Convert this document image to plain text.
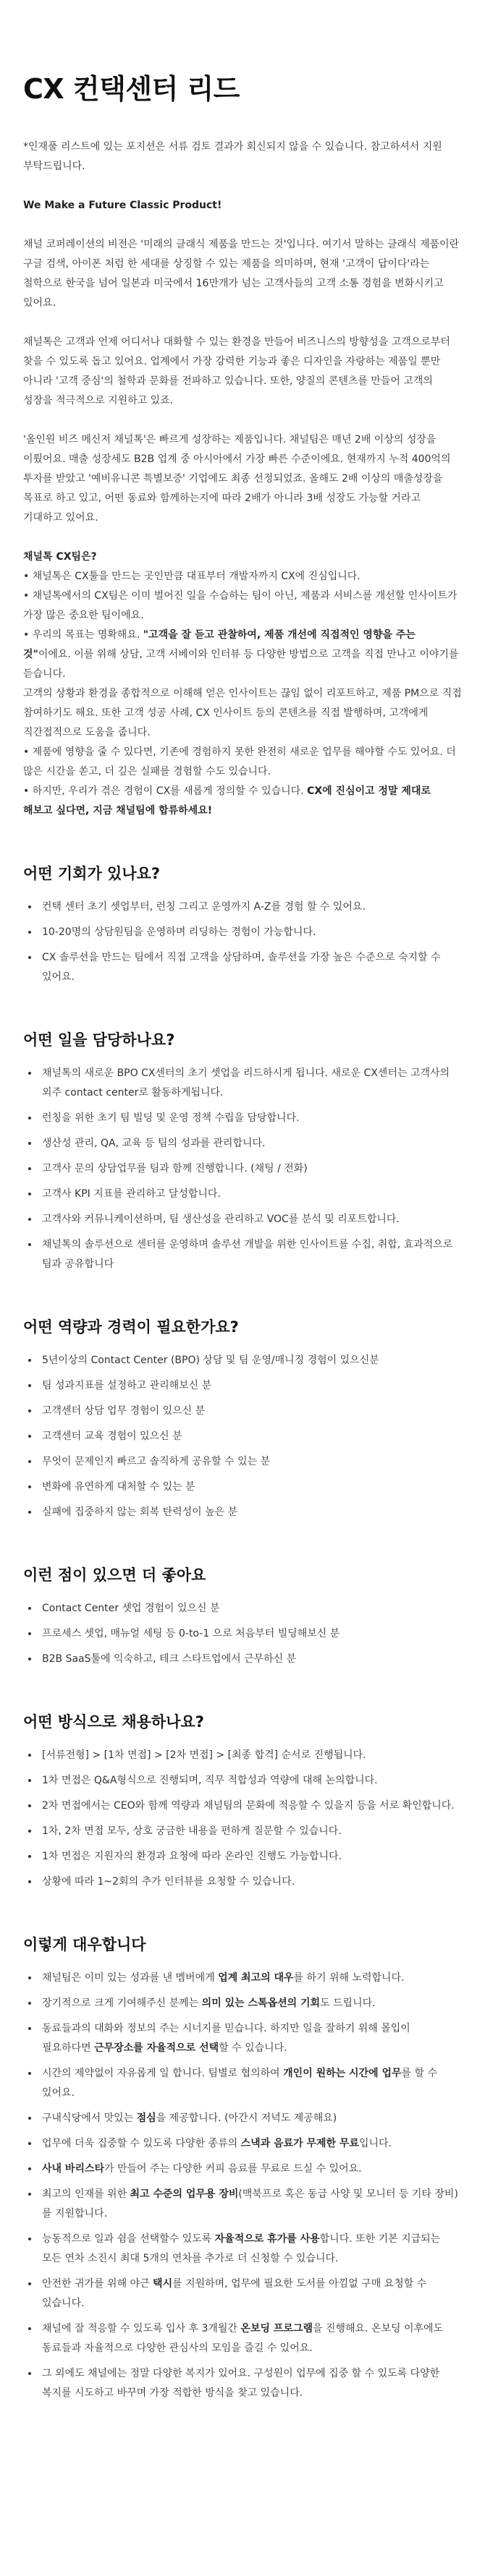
CX 컨택센터 리드

*인재풀 리스트에 있는 포지션은 서류 검토 결과가 회신되지 않을 수 있습니다. 참고하셔서 지원 부탁드립니다.

We Make a Future Classic Product!

채널 코퍼레이션의 비전은 '미래의 클래식 제품을 만드는 것'입니다. 여기서 말하는 클래식 제품이란 구글 검색, 아이폰 처럼 한 세대를 상징할 수 있는 제품을 의미하며, 현재 '고객이 답이다'라는 철학으로 한국을 넘어 일본과 미국에서 16만개가 넘는 고객사들의 고객 소통 경험을 변화시키고 있어요.

채널톡은 고객과 언제 어디서나 대화할 수 있는 환경을 만들어 비즈니스의 방향성을 고객으로부터 찾을 수 있도록 돕고 있어요. 업계에서 가장 강력한 기능과 좋은 디자인을 자랑하는 제품일 뿐만 아니라 '고객 중심'의 철학과 문화를 전파하고 있습니다. 또한, 양질의 콘텐츠를 만들어 고객의 성장을 적극적으로 지원하고 있죠.

'올인원 비즈 메신저 채널톡'은 빠르게 성장하는 제품입니다. 채널팀은 매년 2배 이상의 성장을 이뤘어요. 매출 성장세도 B2B 업계 중 아시아에서 가장 빠른 수준이에요. 현재까지 누적 400억의 투자를 받았고 '예비유니콘 특별보증' 기업에도 최종 선정되었죠. 올해도 2배 이상의 매출성장을 목표로 하고 있고, 어떤 동료와 함께하는지에 따라 2배가 아니라 3배 성장도 가능할 거라고 기대하고 있어요.

채널톡 CX팀은?

• 채널톡은 CX툴을 만드는 곳인만큼 대표부터 개발자까지 CX에 진심입니다.

• 채널톡에서의 CX팀은 이미 벌어진 일을 수습하는 팀이 아닌, 제품과 서비스를 개선할 인사이트가 가장 많은 중요한 팀이에요.

• 우리의 목표는 명확해요. "고객을 잘 듣고 관찰하여, 제품 개선에 직접적인 영향을 주는 것"이에요. 이를 위해 상담, 고객 서베이와 인터뷰 등 다양한 방법으로 고객을 직접 만나고 이야기를 듣습니다.

고객의 상황과 환경을 종합적으로 이해해 얻은 인사이트는 끊임 없이 리포트하고, 제품 PM으로 직접 참여하기도 해요. 또한 고객 성공 사례, CX 인사이트 등의 콘텐츠를 직접 발행하며, 고객에게 직간접적으로 도움을 줍니다.

• 제품에 영향을 줄 수 있다면, 기존에 경험하지 못한 완전히 새로운 업무를 해야할 수도 있어요. 더 많은 시간을 쏟고, 더 깊은 실패를 경험할 수도 있습니다.

• 하지만, 우리가 겪은 경험이 CX를 새롭게 정의할 수 있습니다. CX에 진심이고 정말 제대로 해보고 싶다면, 지금 채널팀에 합류하세요!

어떤 기회가 있나요?
• 컨택 센터 초기 셋업부터, 런칭 그리고 운영까지 A-Z를 경험 할 수 있어요.
• 10-20명의 상담원팀을 운영하며 리딩하는 경험이 가능합니다.
• CX 솔루션을 만드는 팀에서 직접 고객을 상담하며, 솔루션을 가장 높은 수준으로 숙지할 수 있어요.
어떤 일을 담당하나요?
• 채널톡의 새로운 BPO CX센터의 초기 셋업을 리드하시게 됩니다. 새로운 CX센터는 고객사의 외주 contact center로 활동하게됩니다.
• 런칭을 위한 초기 팀 빌딩 및 운영 정책 수립을 담당합니다.
• 생산성 관리, QA, 교육 등 팀의 성과를 관리합니다.
• 고객사 문의 상담업무를 팀과 함께 진행합니다. (채팅 / 전화)
• 고객사 KPI 지표를 관리하고 달성합니다.
• 고객사와 커뮤니케이션하며, 팀 생산성을 관리하고 VOC를 분석 및 리포트합니다.
• 채널톡의 솔루션으로 센터를 운영하며 솔루션 개발을 위한 인사이트를 수집, 취합, 효과적으로 팀과 공유합니다
어떤 역량과 경력이 필요한가요?
• 5년이상의 Contact Center (BPO) 상담 및 팀 운영/매니징 경험이 있으신분
• 팀 성과지표를 설정하고 관리해보신 분
• 고객센터 상담 업무 경험이 있으신 분
• 고객센터 교육 경험이 있으신 분
• 무엇이 문제인지 빠르고 솔직하게 공유할 수 있는 분
• 변화에 유연하게 대처할 수 있는 분
• 실패에 집중하지 않는 회복 탄력성이 높은 분
이런 점이 있으면 더 좋아요
• Contact Center 셋업 경험이 있으신 분
• 프로세스 셋업, 매뉴얼 세팅 등 0-to-1 으로 처음부터 빌딩해보신 분
• B2B SaaS툴에 익숙하고, 테크 스타트업에서 근무하신 분
어떤 방식으로 채용하나요?
• [서류전형] > [1차 면접] > [2차 면접] > [최종 합격] 순서로 진행됩니다.
• 1차 면접은 Q&A형식으로 진행되며, 직무 적합성과 역량에 대해 논의합니다.
• 2차 면접에서는 CEO와 함께 역량과 채널팀의 문화에 적응할 수 있을지 등을 서로 확인합니다.
• 1차, 2차 면접 모두, 상호 궁금한 내용을 편하게 질문할 수 있습니다.
• 1차 면접은 지원자의 환경과 요청에 따라 온라인 진행도 가능합니다.
• 상황에 따라 1~2회의 추가 인터뷰를 요청할 수 있습니다.
이렇게 대우합니다
• 채널팀은 이미 있는 성과를 낸 멤버에게 업계 최고의 대우를 하기 위해 노력합니다.
• 장기적으로 크게 기여해주신 분께는 의미 있는 스톡옵션의 기회도 드립니다.
• 동료들과의 대화와 정보의 주는 시너지를 믿습니다. 하지만 일을 잘하기 위해 몰입이 필요하다면 근무장소를 자율적으로 선택할 수 있습니다.
• 시간의 제약없이 자유롭게 일 합니다. 팀별로 협의하여 개인이 원하는 시간에 업무를 할 수 있어요.
• 구내식당에서 맛있는 점심을 제공합니다. (아간시 저녁도 제공해요)
• 업무에 더욱 집중할 수 있도록 다양한 종류의 스낵과 음료가 무제한 무료입니다.
• 사내 바리스타가 만들어 주는 다양한 커피 음료를 무료로 드실 수 있어요.
• 최고의 인재를 위한 최고 수준의 업무용 장비(맥북프로 혹은 동급 사양 및 모니터 등 기타 장비)를 지원합니다.
• 능동적으로 일과 쉼을 선택할수 있도록 자율적으로 휴가를 사용합니다. 또한 기본 지급되는 모든 연차 소진시 최대 5개의 연차를 추가로 더 신청할 수 있습니다.
• 안전한 귀가를 위해 야근 택시를 지원하며, 업무에 필요한 도서를 아낌없 구매 요청할 수 있습니다.
• 채널에 잘 적응할 수 있도록 입사 후 3개월간 온보딩 프로그램을 진행해요. 온보딩 이후에도 동료들과 자율적으로 다양한 관심사의 모임을 즐길 수 있어요.
• 그 외에도 채널에는 정말 다양한 복지가 있어요. 구성원이 업무에 집중 할 수 있도록 다양한 복지를 시도하고 바꾸며 가장 적합한 방식을 찾고 있습니다.
